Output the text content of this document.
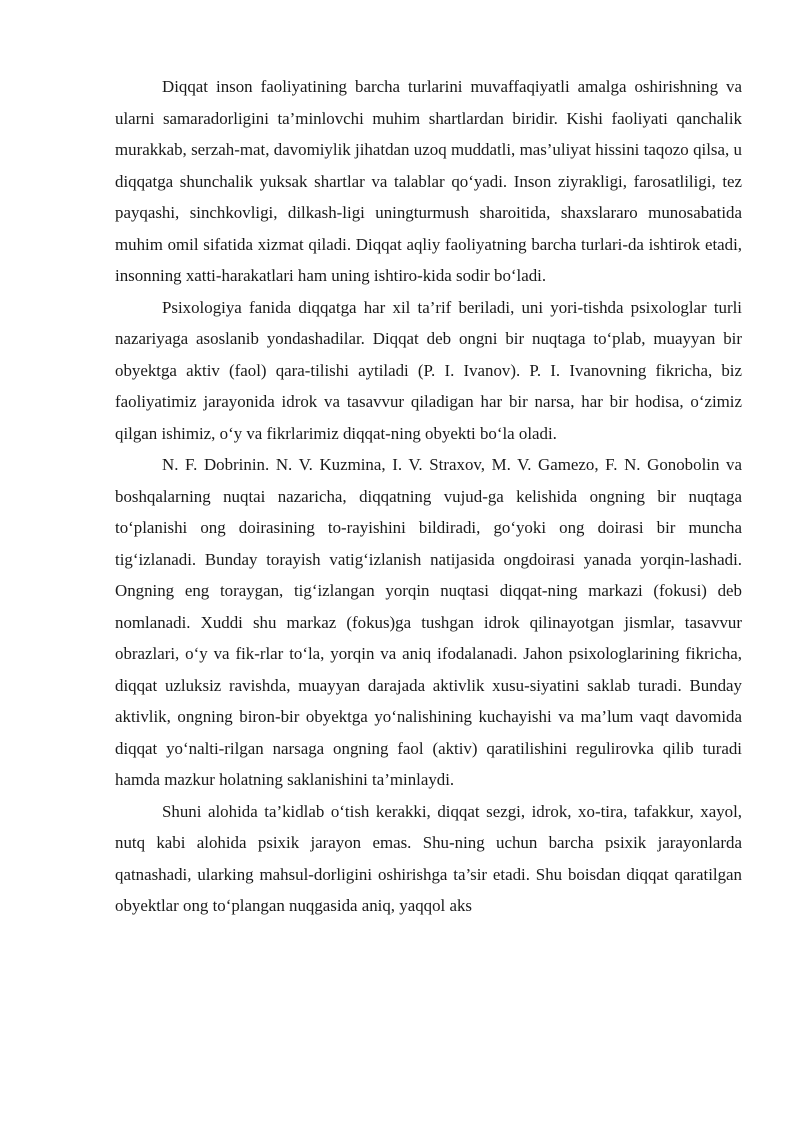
Diqqat inson faoliyatining barcha turlarini muvaffaqiyatli amalga oshirishning va ularni samaradorligini ta’minlovchi muhim shartlardan biridir. Kishi faoliyati qanchalik murakkab, serzah-mat, davomiylik jihatdan uzoq muddatli, mas’uliyat hissini taqozo qilsa, u diqqatga shunchalik yuksak shartlar va talablar qo‘yadi. Inson ziyrakligi, farosatliligi, tez payqashi, sinchkovligi, dilkash-ligi uningturmush sharoitida, shaxslararo munosabatida muhim omil sifatida xizmat qiladi. Diqqat aqliy faoliyatning barcha turlari-da ishtirok etadi, insonning xatti-harakatlari ham uning ishtiro-kida sodir bo‘ladi.

Psixologiya fanida diqqatga har xil ta’rif beriladi, uni yori-tishda psixologlar turli nazariyaga asoslanib yondashadilar. Diqqat deb ongni bir nuqtaga to‘plab, muayyan bir obyektga aktiv (faol) qara-tilishi aytiladi (P. I. Ivanov). P. I. Ivanovning fikricha, biz faoliyatimiz jarayonida idrok va tasavvur qiladigan har bir narsa, har bir hodisa, o‘zimiz qilgan ishimiz, o‘y va fikrlarimiz diqqat-ning obyekti bo‘la oladi.

N. F. Dobrinin. N. V. Kuzmina, I. V. Straxov, M. V. Gamezo, F. N. Gonobolin va boshqalarning nuqtai nazaricha, diqqatning vujud-ga kelishida ongning bir nuqtaga to‘planishi ong doirasining to-rayishini bildiradi, go‘yoki ong doirasi bir muncha tig‘izlanadi. Bunday torayish vatig‘izlanish natijasida ongdoirasi yanada yorqin-lashadi. Ongning eng toraygan, tig‘izlangan yorqin nuqtasi diqqat-ning markazi (fokusi) deb nomlanadi. Xuddi shu markaz (fokus)ga tushgan idrok qilinayotgan jismlar, tasavvur obrazlari, o‘y va fik-rlar to‘la, yorqin va aniq ifodalanadi. Jahon psixologlarining fikricha, diqqat uzluksiz ravishda, muayyan darajada aktivlik xusu-siyatini saklab turadi. Bunday aktivlik, ongning biron-bir obyektga yo‘nalishining kuchayishi va ma’lum vaqt davomida diqqat yo‘nalti-rilgan narsaga ongning faol (aktiv) qaratilishini regulirovka qilib turadi hamda mazkur holatning saklanishini ta’minlaydi.

Shuni alohida ta’kidlab o‘tish kerakki, diqqat sezgi, idrok, xo-tira, tafakkur, xayol, nutq kabi alohida psixik jarayon emas. Shu-ning uchun barcha psixik jarayonlarda qatnashadi, ularking mahsul-dorligini oshirishga ta’sir etadi. Shu boisdan diqqat qaratilgan obyektlar ong to‘plangan nuqgasida aniq, yaqqol aks
